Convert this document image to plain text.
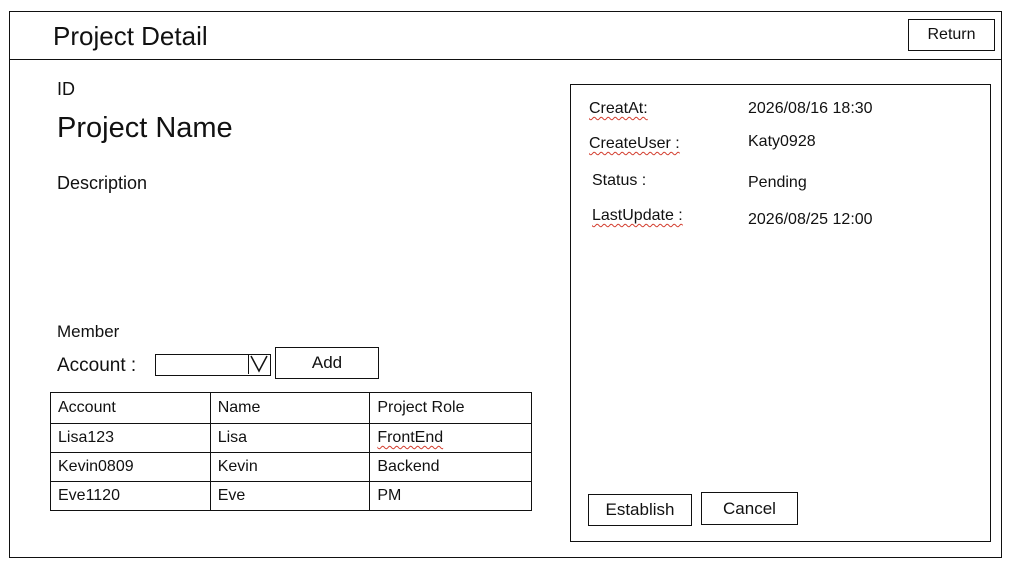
Project Detail	Return
ID
Project Name
Description
Member
Account :	Add
Account	Name	Project Role
Lisa123	Lisa	FrontEnd
Kevin0809	Kevin	Backend
Eve1120	Eve	PM
CreatAt:	2026/08/16 18:30
CreateUser :	Katy0928
Status :	Pending
LastUpdate :	2026/08/25 12:00
Establish	Cancel
